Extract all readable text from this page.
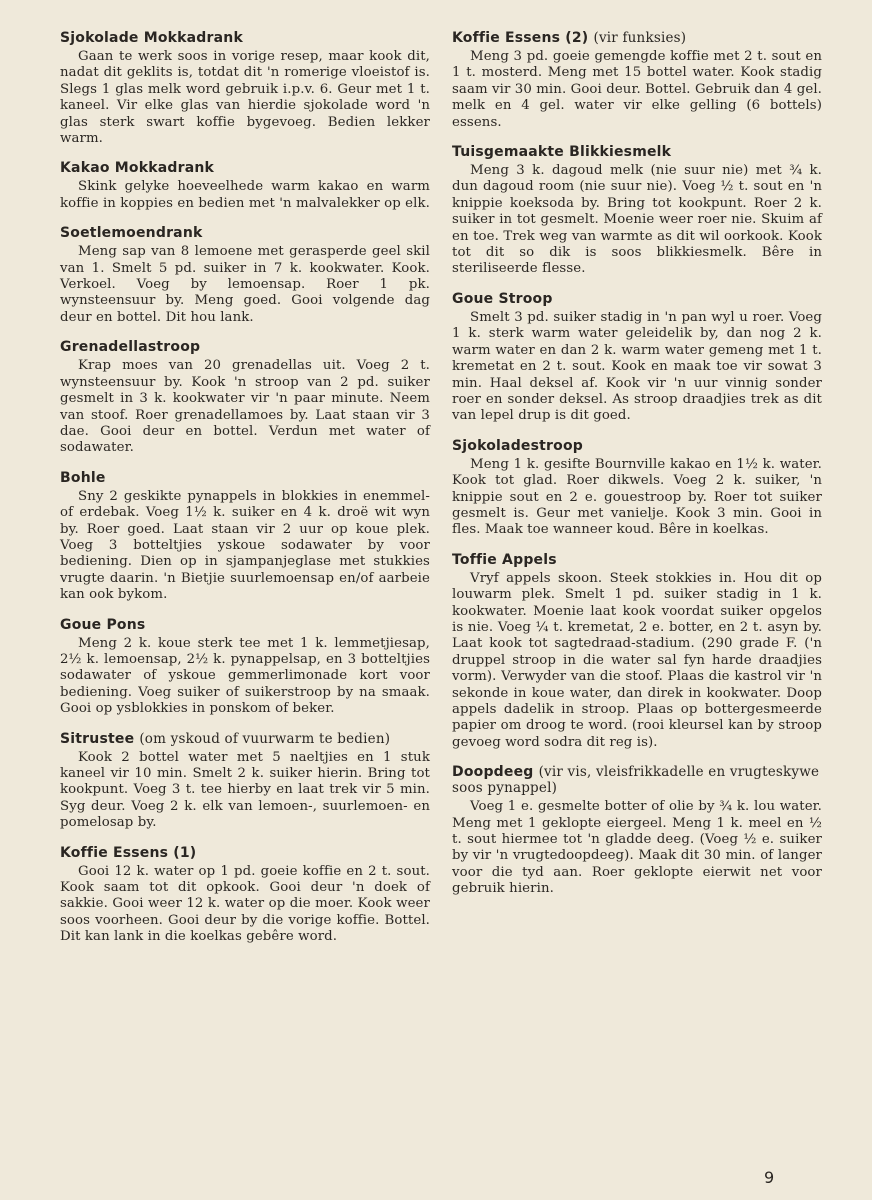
Sjokolade Mokkadrank

Gaan te werk soos in vorige resep, maar kook dit, nadat dit geklits is, totdat dit 'n romerige vloeistof is. Slegs 1 glas melk word gebruik i.p.v. 6. Geur met 1 t. kaneel. Vir elke glas van hierdie sjokolade word 'n glas sterk swart koffie bygevoeg. Bedien lekker warm.

Kakao Mokkadrank

Skink gelyke hoeveelhede warm kakao en warm koffie in koppies en bedien met 'n malvalekker op elk.

Soetlemoendrank

Meng sap van 8 lemoene met gerasperde geel skil van 1. Smelt 5 pd. suiker in 7 k. kookwater. Kook. Verkoel. Voeg by lemoensap. Roer 1 pk. wynsteensuur by. Meng goed. Gooi volgende dag deur en bottel. Dit hou lank.

Grenadellastroop

Krap moes van 20 grenadellas uit. Voeg 2 t. wynsteensuur by. Kook 'n stroop van 2 pd. suiker gesmelt in 3 k. kookwater vir 'n paar minute. Neem van stoof. Roer grenadellamoes by. Laat staan vir 3 dae. Gooi deur en bottel. Verdun met water of sodawater.

Bohle

Sny 2 geskikte pynappels in blokkies in enemmel- of erdebak. Voeg 1½ k. suiker en 4 k. droë wit wyn by. Roer goed. Laat staan vir 2 uur op koue plek. Voeg 3 botteltjies yskoue sodawater by voor bediening. Dien op in sjampanjeglase met stukkies vrugte daarin. 'n Bietjie suurlemoensap en/of aarbeie kan ook bykom.

Goue Pons

Meng 2 k. koue sterk tee met 1 k. lemmetjiesap, 2½ k. lemoensap, 2½ k. pynappelsap, en 3 botteltjies sodawater of yskoue gemmerlimonade kort voor bediening. Voeg suiker of suikerstroop by na smaak. Gooi op ysblokkies in ponskom of beker.

Sitrustee (om yskoud of vuurwarm te bedien)

Kook 2 bottel water met 5 naeltjies en 1 stuk kaneel vir 10 min. Smelt 2 k. suiker hierin. Bring tot kookpunt. Voeg 3 t. tee hierby en laat trek vir 5 min. Syg deur. Voeg 2 k. elk van lemoen-, suurlemoen- en pomelosap by.

Koffie Essens (1)

Gooi 12 k. water op 1 pd. goeie koffie en 2 t. sout. Kook saam tot dit opkook. Gooi deur 'n doek of sakkie. Gooi weer 12 k. water op die moer. Kook weer soos voorheen. Gooi deur by die vorige koffie. Bottel. Dit kan lank in die koelkas gebêre word.

Koffie Essens (2) (vir funksies)

Meng 3 pd. goeie gemengde koffie met 2 t. sout en 1 t. mosterd. Meng met 15 bottel water. Kook stadig saam vir 30 min. Gooi deur. Bottel. Gebruik dan 4 gel. melk en 4 gel. water vir elke gelling (6 bottels) essens.

Tuisgemaakte Blikkiesmelk

Meng 3 k. dagoud melk (nie suur nie) met ¾ k. dun dagoud room (nie suur nie). Voeg ½ t. sout en 'n knippie koeksoda by. Bring tot kookpunt. Roer 2 k. suiker in tot gesmelt. Moenie weer roer nie. Skuim af en toe. Trek weg van warmte as dit wil oorkook. Kook tot dit so dik is soos blikkiesmelk. Bêre in steriliseerde flesse.

Goue Stroop

Smelt 3 pd. suiker stadig in 'n pan wyl u roer. Voeg 1 k. sterk warm water geleidelik by, dan nog 2 k. warm water en dan 2 k. warm water gemeng met 1 t. kremetat en 2 t. sout. Kook en maak toe vir sowat 3 min. Haal deksel af. Kook vir 'n uur vinnig sonder roer en sonder deksel. As stroop draadjies trek as dit van lepel drup is dit goed.

Sjokoladestroop

Meng 1 k. gesifte Bournville kakao en 1½ k. water. Kook tot glad. Roer dikwels. Voeg 2 k. suiker, 'n knippie sout en 2 e. gouestroop by. Roer tot suiker gesmelt is. Geur met vanielje. Kook 3 min. Gooi in fles. Maak toe wanneer koud. Bêre in koelkas.

Toffie Appels

Vryf appels skoon. Steek stokkies in. Hou dit op louwarm plek. Smelt 1 pd. suiker stadig in 1 k. kookwater. Moenie laat kook voordat suiker opgelos is nie. Voeg ¼ t. kremetat, 2 e. botter, en 2 t. asyn by. Laat kook tot sagtedraad-stadium. (290 grade F. ('n druppel stroop in die water sal fyn harde draadjies vorm). Verwyder van die stoof. Plaas die kastrol vir 'n sekonde in koue water, dan direk in kookwater. Doop appels dadelik in stroop. Plaas op bottergesmeerde papier om droog te word. (rooi kleursel kan by stroop gevoeg word sodra dit reg is).

Doopdeeg (vir vis, vleisfrikkadelle en vrugteskywe soos pynappel)

Voeg 1 e. gesmelte botter of olie by ¾ k. lou water. Meng met 1 geklopte eiergeel. Meng 1 k. meel en ½ t. sout hiermee tot 'n gladde deeg. (Voeg ½ e. suiker by vir 'n vrugtedoopdeeg). Maak dit 30 min. of langer voor die tyd aan. Roer geklopte eierwit net voor gebruik hierin.

9
